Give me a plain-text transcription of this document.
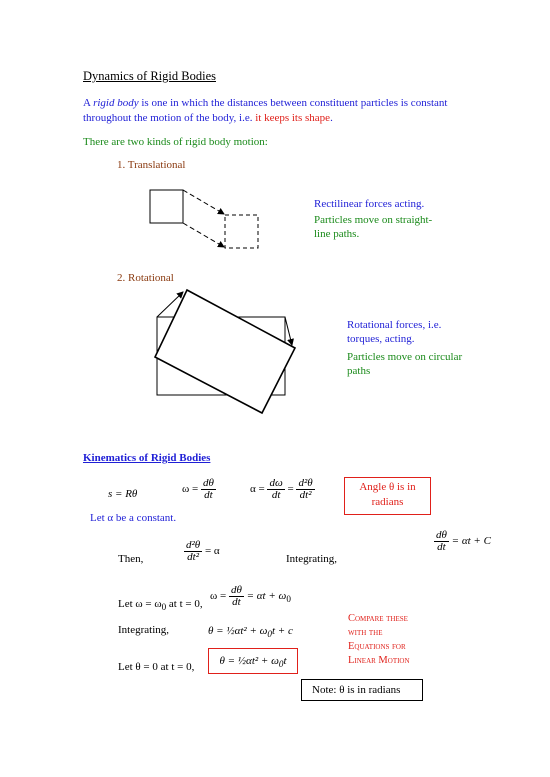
Dynamics of Rigid Bodies
A rigid body is one in which the distances between constituent particles is constant
throughout the motion of the body, i.e. it keeps its shape.
There are two kinds of rigid body motion:
1. Translational
Rectilinear forces acting.
Particles move on straight-
line paths.
2. Rotational
Rotational forces, i.e.
torques, acting.
Particles move on circular
paths
Kinematics of Rigid Bodies
s = Rθ	$\omega = \frac{d\theta}{dt}$	$\alpha = \frac{d\omega}{dt} = \frac{\text{d²θ}}{\text{dt²}}$	Angle θ is in
radians
Let α be a constant.
$\frac{d\theta}{dt} = \alpha t + C$
Then,	$\frac{\text{d²θ}}{\text{dt²}} = \alpha$
Integrating,
Let $\omega = \omega_0$ at t = 0,
$\omega = \frac{d\theta}{dt} = \alpha t + \omega_0$
Integrating,	θ = ½αt² + $\omega_0t + c$
Compare these
with the
Equations for
Linear Motion
Let θ = 0 at t = 0,	θ = ½αt² + $\omega_0t$
Note: θ is in radians
